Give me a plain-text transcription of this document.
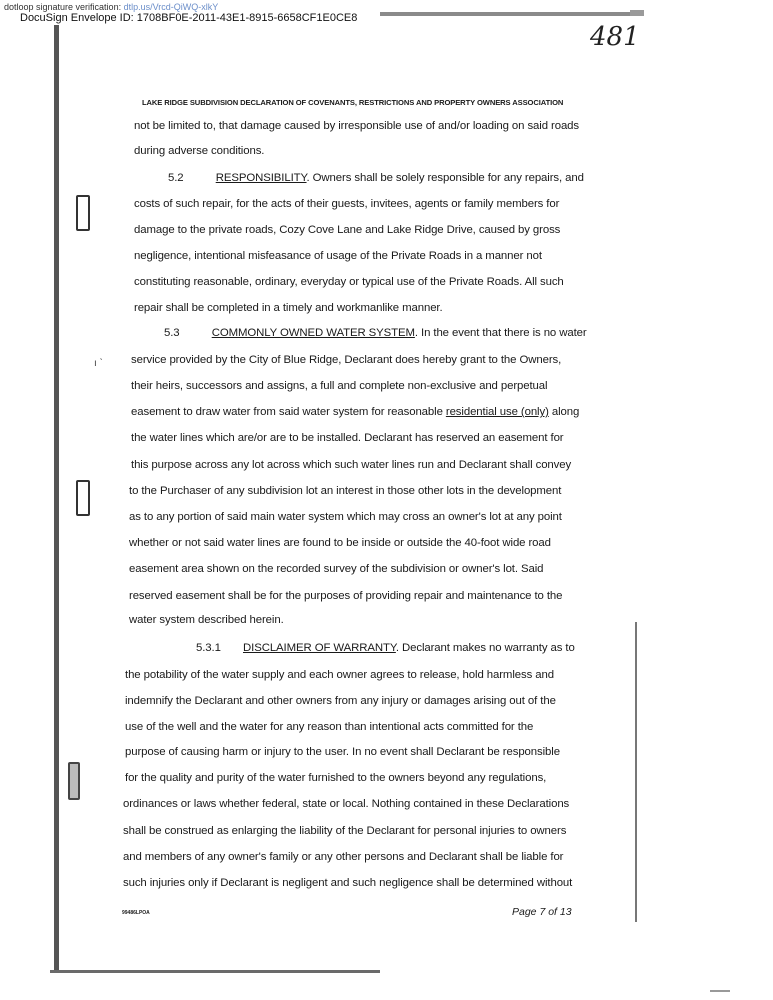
dotloop signature verification: dtlp.us/Vrcd-QiWQ-xlkY
DocuSign Envelope ID: 1708BF0E-2011-43E1-8915-6658CF1E0CE8
481
ı ˋ
LAKE RIDGE SUBDIVISION DECLARATION OF COVENANTS, RESTRICTIONS AND PROPERTY OWNERS ASSOCIATION
not be limited to, that damage caused by irresponsible use of and/or loading on said roads
during adverse conditions.
5.2	RESPONSIBILITY. Owners shall be solely responsible for any repairs, and
costs of such repair, for the acts of their guests, invitees, agents or family members for
damage to the private roads, Cozy Cove Lane and Lake Ridge Drive, caused by gross
negligence, intentional misfeasance of usage of the Private Roads in a manner not
constituting reasonable, ordinary, everyday or typical use of the Private Roads. All such
repair shall be completed in a timely and workmanlike manner.
5.3	COMMONLY OWNED WATER SYSTEM. In the event that there is no water
service provided by the City of Blue Ridge, Declarant does hereby grant to the Owners,
their heirs, successors and assigns, a full and complete non-exclusive and perpetual
easement to draw water from said water system for reasonable residential use (only) along
the water lines which are/or are to be installed. Declarant has reserved an easement for
this purpose across any lot across which such water lines run and Declarant shall convey
to the Purchaser of any subdivision lot an interest in those other lots in the development
as to any portion of said main water system which may cross an owner's lot at any point
whether or not said water lines are found to be inside or outside the 40-foot wide road
easement area shown on the recorded survey of the subdivision or owner's lot. Said
reserved easement shall be for the purposes of providing repair and maintenance to the
water system described herein.
5.3.1 DISCLAIMER OF WARRANTY. Declarant makes no warranty as to
the potability of the water supply and each owner agrees to release, hold harmless and
indemnify the Declarant and other owners from any injury or damages arising out of the
use of the well and the water for any reason than intentional acts committed for the
purpose of causing harm or injury to the user. In no event shall Declarant be responsible
for the quality and purity of the water furnished to the owners beyond any regulations,
ordinances or laws whether federal, state or local. Nothing contained in these Declarations
shall be construed as enlarging the liability of the Declarant for personal injuries to owners
and members of any owner's family or any other persons and Declarant shall be liable for
such injuries only if Declarant is negligent and such negligence shall be determined without
99486LPOA	Page 7 of 13
